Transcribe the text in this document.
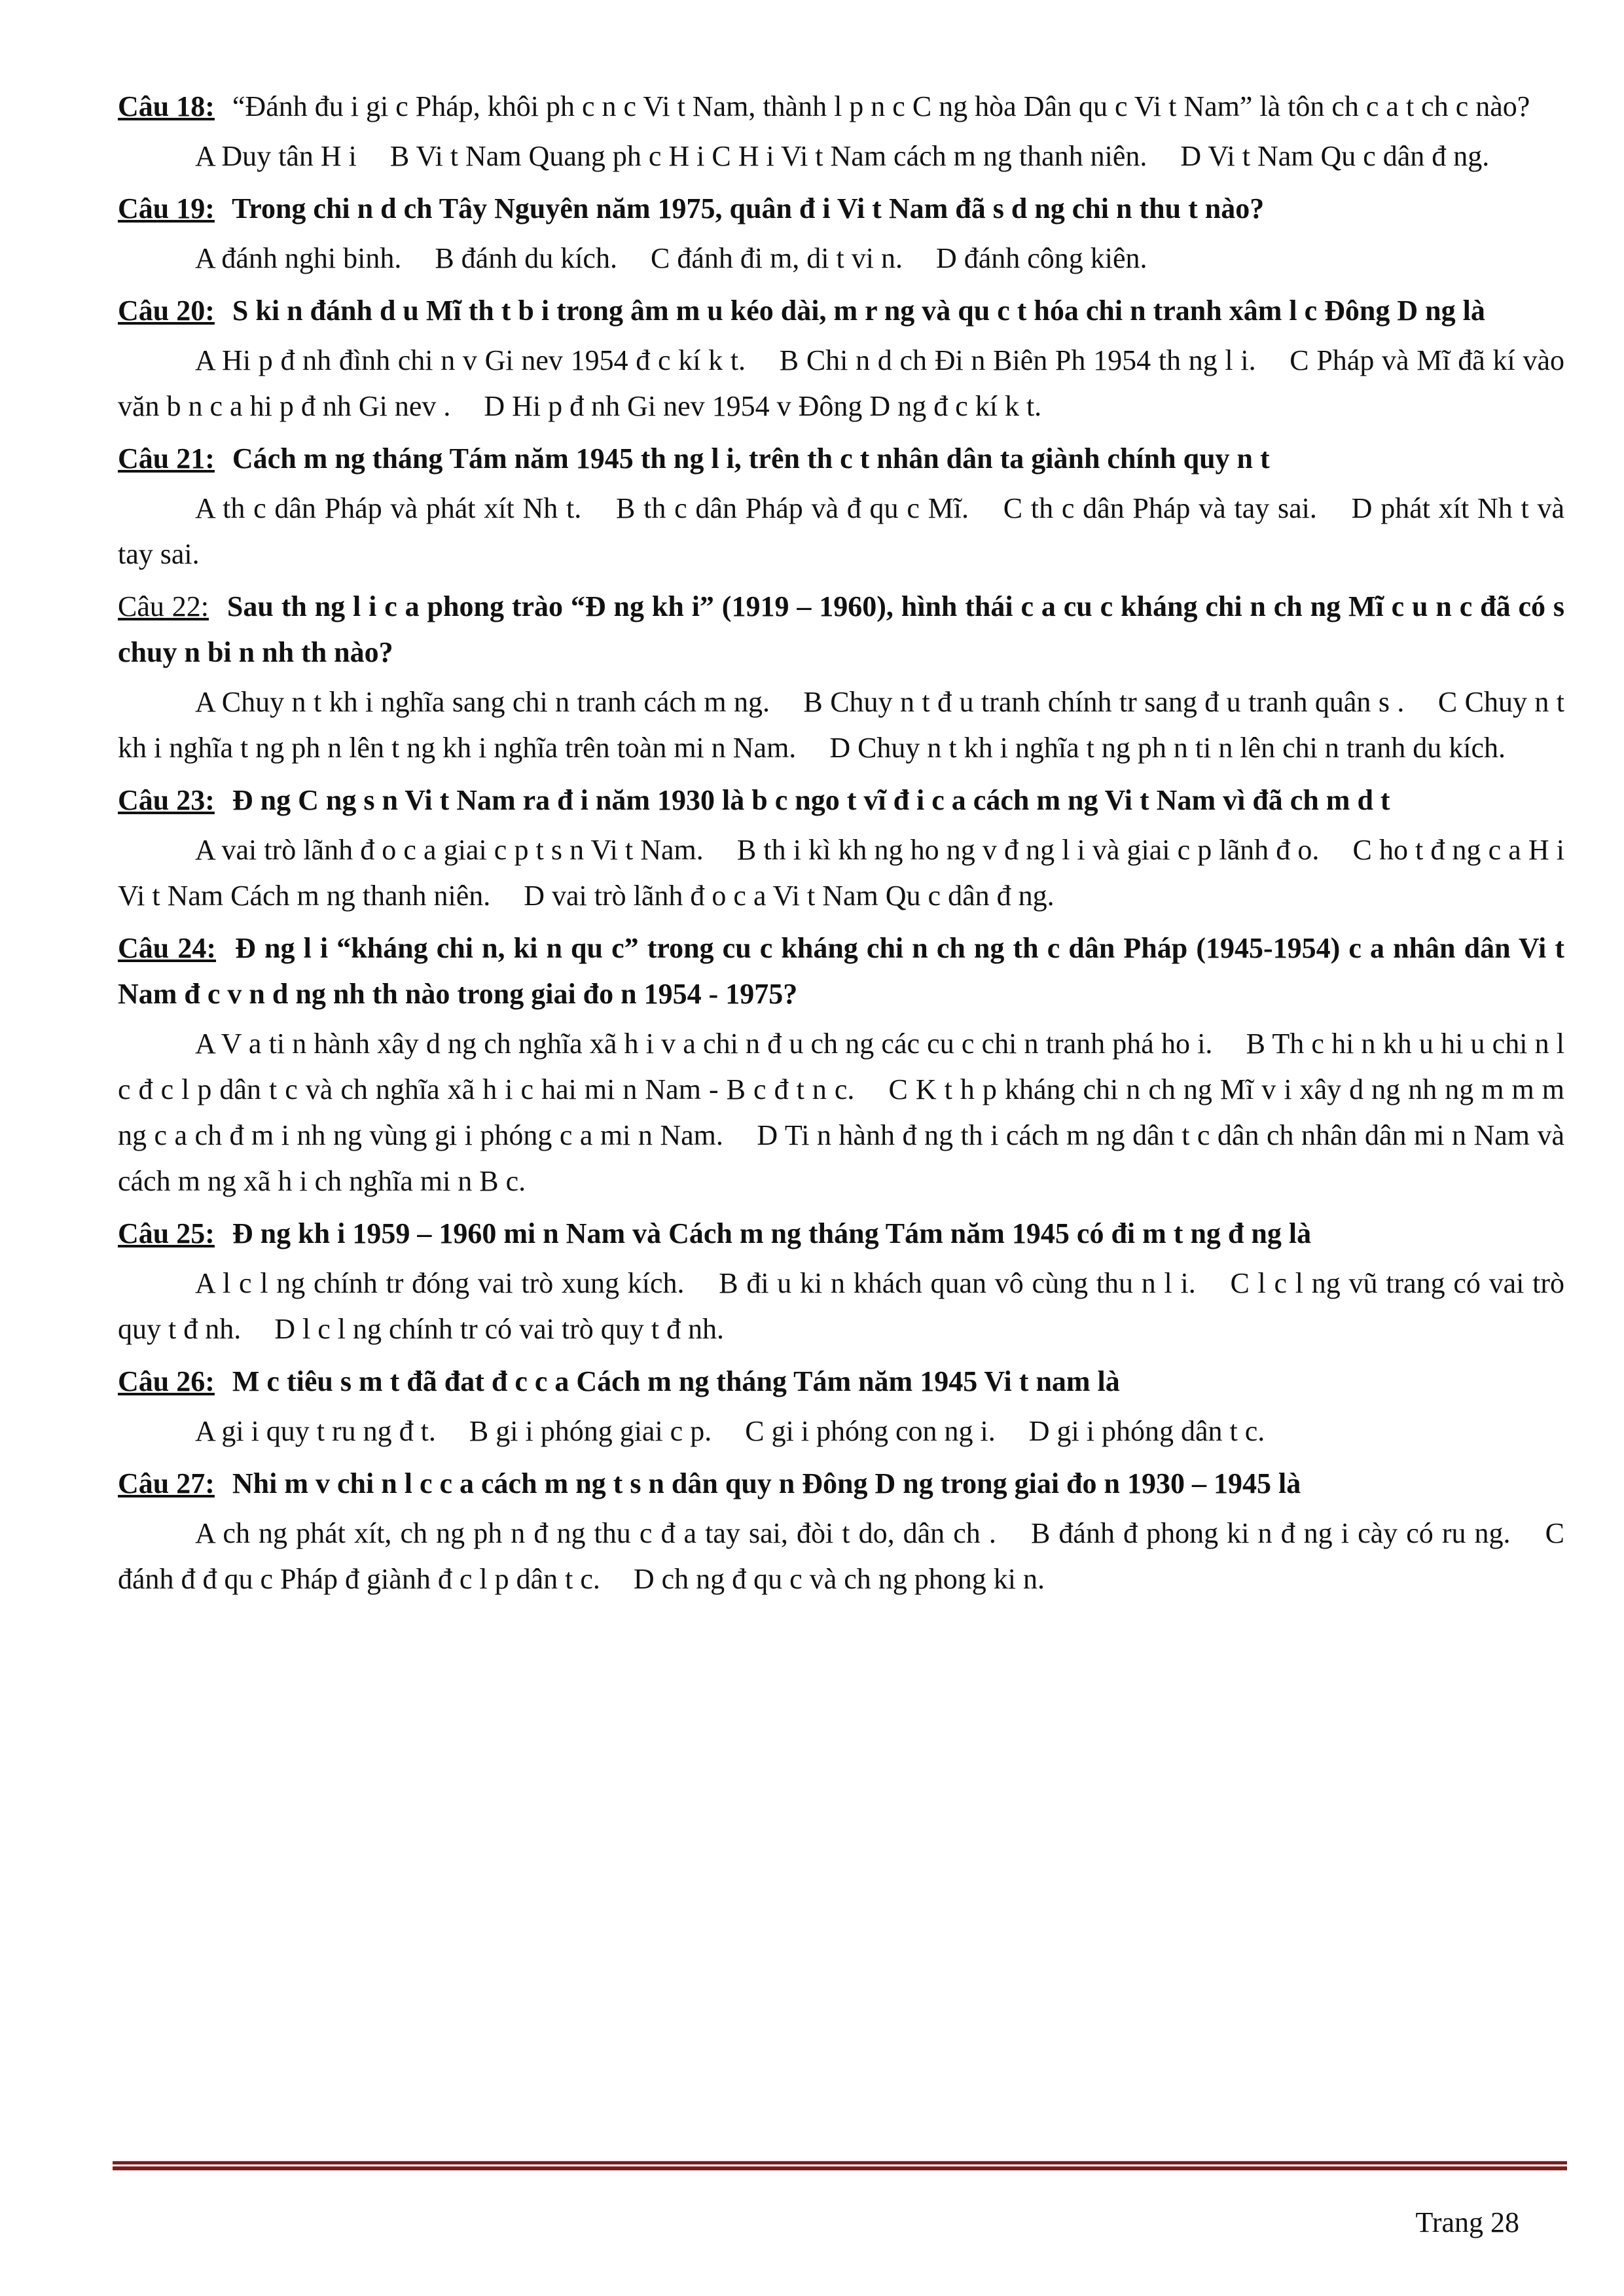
Câu 18: “Đánh đu i gi c Pháp, khôi ph c n c Vi t Nam, thành l p n c C ng hòa Dân qu c Vi t Nam” là tôn ch c a t ch c nào?

A Duy tân H i B Vi t Nam Quang ph c H i C H i Vi t Nam cách m ng thanh niên. D Vi t Nam Qu c dân đ ng.

Câu 19: Trong chi n d ch Tây Nguyên năm 1975, quân đ i Vi t Nam đã s d ng chi n thu t nào?

A đánh nghi binh. B đánh du kích. C đánh đi m, di t vi n. D đánh công kiên.

Câu 20: S ki n đánh d u Mĩ th t b i trong âm m u kéo dài, m r ng và qu c t hóa chi n tranh xâm l c Đông D ng là

A Hi p đ nh đình chi n v Gi nev 1954 đ c kí k t. B Chi n d ch Đi n Biên Ph 1954 th ng l i. C Pháp và Mĩ đã kí vào văn b n c a hi p đ nh Gi nev . D Hi p đ nh Gi nev 1954 v Đông D ng đ c kí k t.

Câu 21: Cách m ng tháng Tám năm 1945 th ng l i, trên th c t nhân dân ta giành chính quy n t

A th c dân Pháp và phát xít Nh t. B th c dân Pháp và đ qu c Mĩ. C th c dân Pháp và tay sai. D phát xít Nh t và tay sai.

Câu 22: Sau th ng l i c a phong trào “Đ ng kh i” (1919 – 1960), hình thái c a cu c kháng chi n ch ng Mĩ c u n c đã có s chuy n bi n nh th nào?

A Chuy n t kh i nghĩa sang chi n tranh cách m ng. B Chuy n t đ u tranh chính tr sang đ u tranh quân s . C Chuy n t kh i nghĩa t ng ph n lên t ng kh i nghĩa trên toàn mi n Nam. D Chuy n t kh i nghĩa t ng ph n ti n lên chi n tranh du kích.

Câu 23: Đ ng C ng s n Vi t Nam ra đ i năm 1930 là b c ngo t vĩ đ i c a cách m ng Vi t Nam vì đã ch m d t

A vai trò lãnh đ o c a giai c p t s n Vi t Nam. B th i kì kh ng ho ng v đ ng l i và giai c p lãnh đ o. C ho t đ ng c a H i Vi t Nam Cách m ng thanh niên. D vai trò lãnh đ o c a Vi t Nam Qu c dân đ ng.

Câu 24: Đ ng l i “kháng chi n, ki n qu c” trong cu c kháng chi n ch ng th c dân Pháp (1945-1954) c a nhân dân Vi t Nam đ c v n d ng nh th nào trong giai đo n 1954 - 1975?

A V a ti n hành xây d ng ch nghĩa xã h i v a chi n đ u ch ng các cu c chi n tranh phá ho i. B Th c hi n kh u hi u chi n l c đ c l p dân t c và ch nghĩa xã h i c hai mi n Nam - B c đ t n c. C K t h p kháng chi n ch ng Mĩ v i xây d ng nh ng m m m ng c a ch đ m i nh ng vùng gi i phóng c a mi n Nam. D Ti n hành đ ng th i cách m ng dân t c dân ch nhân dân mi n Nam và cách m ng xã h i ch nghĩa mi n B c.

Câu 25: Đ ng kh i 1959 – 1960 mi n Nam và Cách m ng tháng Tám năm 1945 có đi m t ng đ ng là

A l c l ng chính tr đóng vai trò xung kích. B đi u ki n khách quan vô cùng thu n l i. C l c l ng vũ trang có vai trò quy t đ nh. D l c l ng chính tr có vai trò quy t đ nh.

Câu 26: M c tiêu s m t đã đat đ c c a Cách m ng tháng Tám năm 1945 Vi t nam là

A gi i quy t ru ng đ t. B gi i phóng giai c p. C gi i phóng con ng i. D gi i phóng dân t c.

Câu 27: Nhi m v chi n l c c a cách m ng t s n dân quy n Đông D ng trong giai đo n 1930 – 1945 là

A ch ng phát xít, ch ng ph n đ ng thu c đ a tay sai, đòi t do, dân ch . B đánh đ phong ki n đ ng i cày có ru ng. C đánh đ đ qu c Pháp đ giành đ c l p dân t c. D ch ng đ qu c và ch ng phong ki n.

Trang 28
